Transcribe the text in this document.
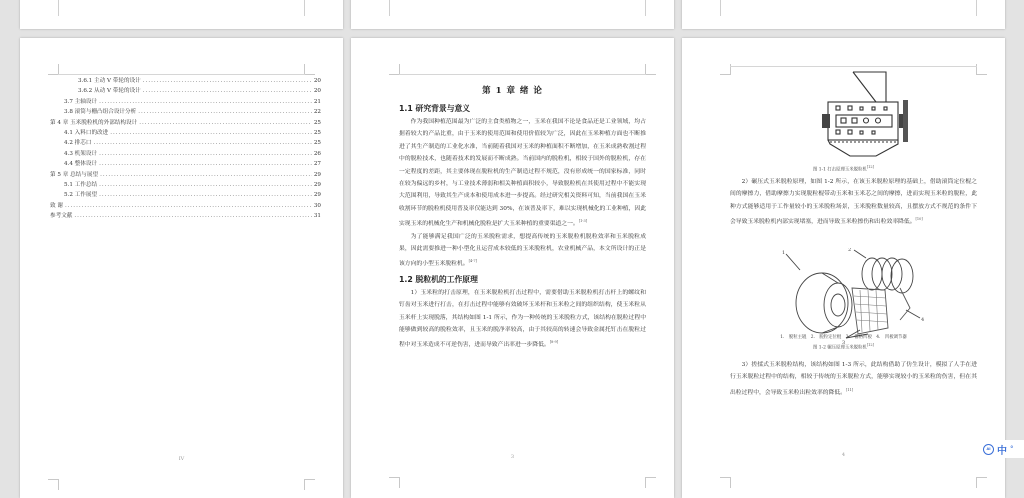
3.6.1 主动 V 带轮的设计 .....	20
3.6.2 从动 V 带轮的设计 .....	20
3.7 主轴设计 .....	21
3.8 滚筒与栅凸组合设计分析 .....	22
第 4 章 玉米脱粒机的外部结构设计 .....	25
4.1 入料口的改进 .....	25
4.2 排芯口 .....	25
4.3 机架设计 .....	26
4.4 整体设计 .....	27
第 5 章 总结与展望 .....	29
5.1 工作总结 .....	29
5.2 工作展望 .....	29
致 谢 .....	30
参考文献 .....	31
IV
第 1 章 绪 论
1.1 研究背景与意义

作为我国种植范围最为广泛的主食类植物之一，玉米在我国不论是食品还是工业领域，均占据着较大的产品比重，由于玉米的使用范围和使用价值较为广泛，因此在玉米种植方面也不断推进了其生产制造的工业化水准，当前随着我国对玉米的种植面积不断增加，在玉米成熟收割过程中的脱粒技术，也随着技术的发展而不断成熟。当前国内的脱粒机，相较于国外的脱粒机，存在一定程度的差距，其主要体现在脱粒机的生产制造过程不规范，没有形成统一的国家标准，同时在较为偏远的乡村，与工业技术薄弱和相关种植面积较小，导致脱粒机在其使用过程中不能实现大范围利用，导致其生产成本和使用成本进一步提高。经过研究相关资料可知，当前我国在玉米收割环节的脱粒机使用普及率仅能达到 30%，在该普及率下，难以实现机械化的工业种植，因此实现玉米的机械化生产和机械化脱粒是扩大玉米种植的重要渠道之一。[1-3]

为了能够满足我国广泛的玉米脱粒需求，想提高传统的玉米脱粒机脱粒效率和玉米脱粒成果，因此需要推进一种小型化且运营成本较低的玉米脱粒机，农业机械产品，本文所设计的正是该方向的小型玉米脱粒机。[4-7]

1.2 脱粒机的工作原理

1）玉米粒的打击原理，在玉米脱粒机打击过程中，需要借助玉米脱粒机打击杆上的螺纹和钉齿对玉米进行打击，在打击过程中能够有效破坏玉米杆和玉米粒之间的组织结构，使玉米粒从玉米杆上实现脱落，其结构如图 1-1 所示，作为一种传统的玉米脱粒方式，该结构在脱粒过程中能够做到较高的脱粒效率，且玉米的脱净率较高，由于其较高的转速会导致金属托钉击在脱粒过程中对玉米造成不可逆伤害，进而导致产出率进一步降低。[8-9]

3
图 1-1 打击原理玉米脱粒机[12]

2）碾压式玉米脱粒原理，如图 1-2 所示，在该玉米脱粒原理的基础上，借助滚筒定位棍之间的摩擦力，借助摩擦力实现脱粒棍带动玉米和玉米芯之间的摩擦，进而实现玉米粒的脱粒，此种方式能够适用于工作量较小的玉米脱粒场景，玉米脱粒数量较高，且摆放方式不规范的条件下会导致玉米脱粒机内部实现堵塞，进而导致玉米粒擦伤和出粒效率降低。[10]

1	2
3
4
1. 脱粒主辊 2. 脱粒定位棍 3. 栅格凹板 4. 凹板调节器
图 1-2 辗压原理玉米脱粒机[12]

3）搓揉式玉米脱粒结构，该结构如图 1-3 所示，此结构借助了仿生设计，模拟了人手在进行玉米脱粒过程中的结构，相较于传统的玉米脱粒方式，能够实现较小的玉米粒的伤害，但在其出粒过程中，会导致玉米粒出粒效率的降低。[11]

4
AI 中 °
